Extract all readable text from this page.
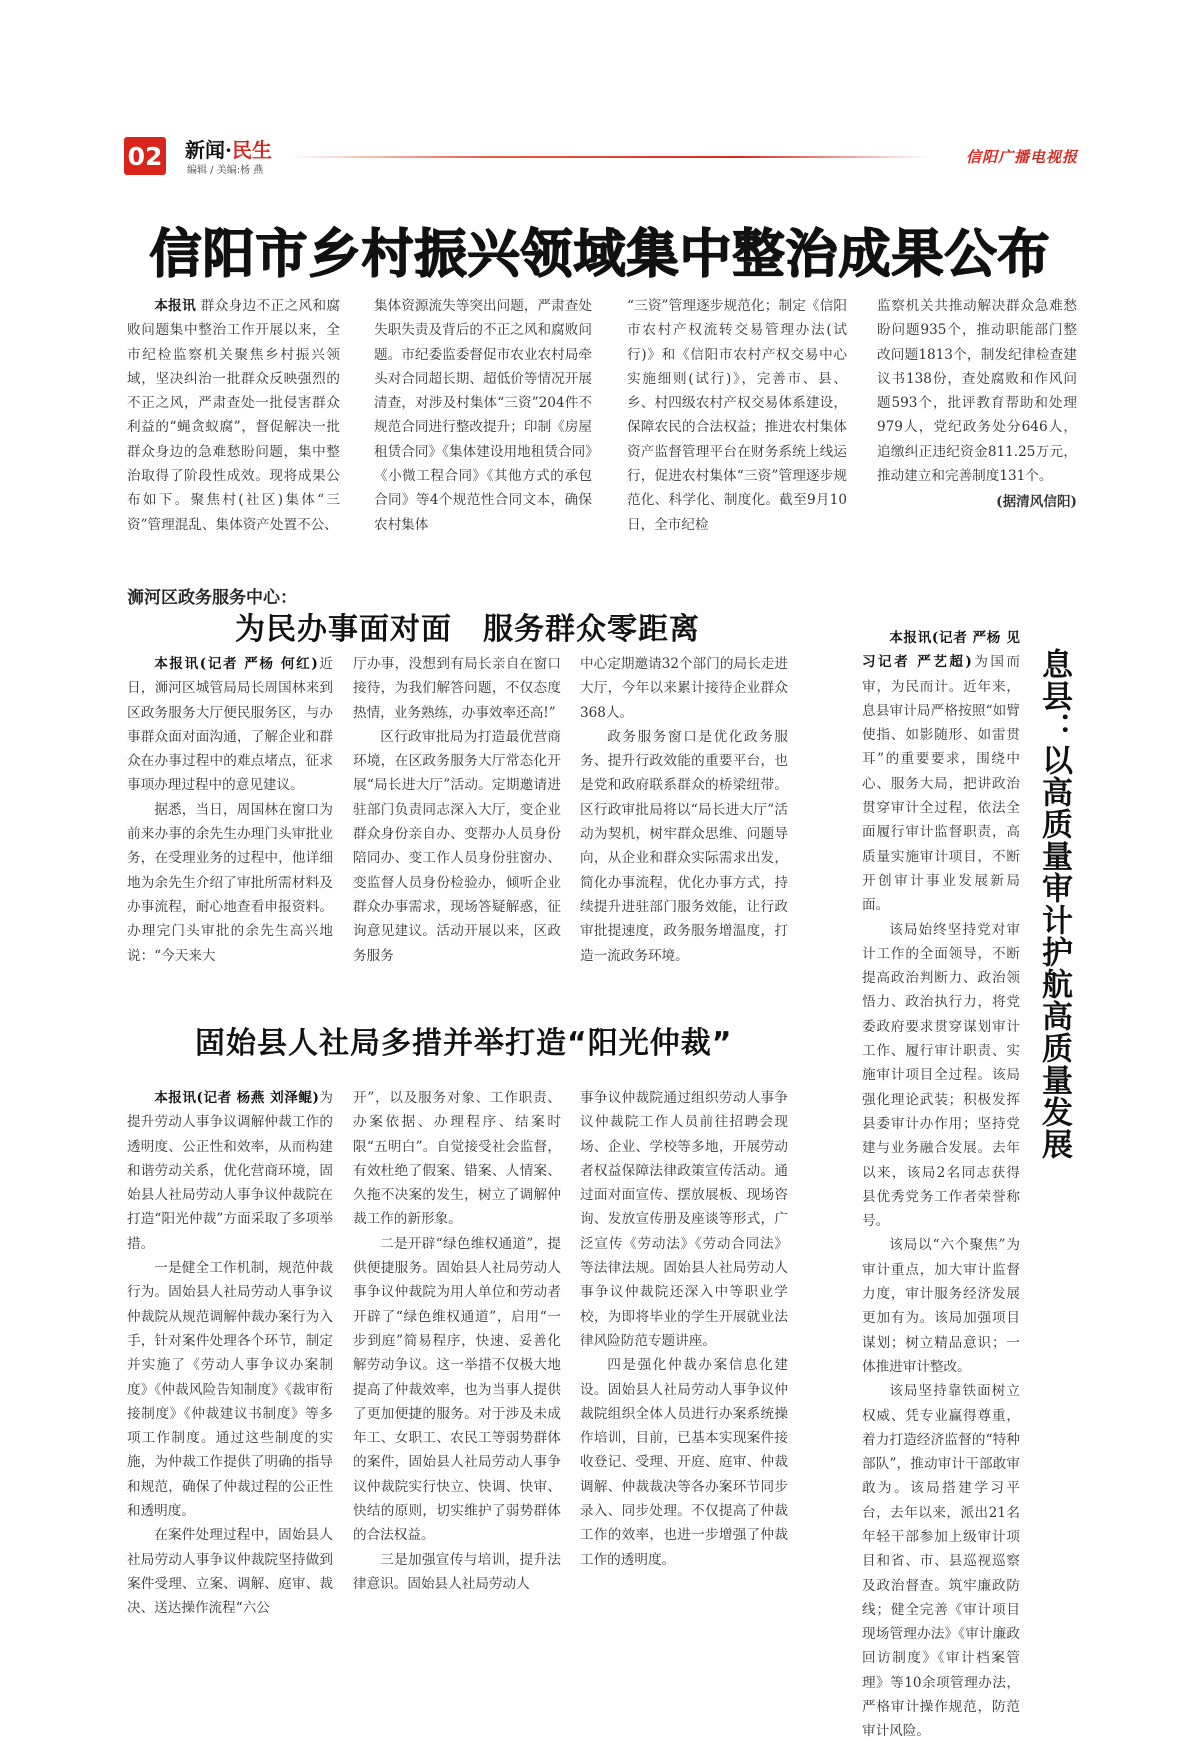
02 新闻·民生
编辑 / 美编:杨 燕
信阳广播电视报
信阳市乡村振兴领域集中整治成果公布

本报讯 群众身边不正之风和腐败问题集中整治工作开展以来，全市纪检监察机关聚焦乡村振兴领域，坚决纠治一批群众反映强烈的不正之风，严肃查处一批侵害群众利益的“蝇贪蚁腐”，督促解决一批群众身边的急难愁盼问题，集中整治取得了阶段性成效。现将成果公布如下。聚焦村(社区)集体“三资”管理混乱、集体资产处置不公、

集体资源流失等突出问题，严肃查处失职失责及背后的不正之风和腐败问题。市纪委监委督促市农业农村局牵头对合同超长期、超低价等情况开展清查，对涉及村集体“三资”204件不规范合同进行整改提升；印制《房屋租赁合同》《集体建设用地租赁合同》《小微工程合同》《其他方式的承包合同》等4个规范性合同文本，确保农村集体
“三资”管理逐步规范化；制定《信阳市农村产权流转交易管理办法(试行)》和《信阳市农村产权交易中心实施细则(试行)》，完善市、县、乡、村四级农村产权交易体系建设，保障农民的合法权益；推进农村集体资产监督管理平台在财务系统上线运行，促进农村集体“三资”管理逐步规范化、科学化、制度化。截至9月10日，全市纪检
监察机关共推动解决群众急难愁盼问题935个，推动职能部门整改问题1813个，制发纪律检查建议书138份，查处腐败和作风问题593个，批评教育帮助和处理979人，党纪政务处分646人，追缴纠正违纪资金811.25万元，推动建立和完善制度131个。
(据清风信阳)
浉河区政务服务中心：
为民办事面对面　服务群众零距离

本报讯(记者 严杨 何红)近日，浉河区城管局局长周国林来到区政务服务大厅便民服务区，与办事群众面对面沟通，了解企业和群众在办事过程中的难点堵点，征求事项办理过程中的意见建议。

据悉，当日，周国林在窗口为前来办事的余先生办理门头审批业务，在受理业务的过程中，他详细地为余先生介绍了审批所需材料及办事流程，耐心地查看申报资料。办理完门头审批的余先生高兴地说：“今天来大

厅办事，没想到有局长亲自在窗口接待，为我们解答问题，不仅态度热情，业务熟练，办事效率还高!”

区行政审批局为打造最优营商环境，在区政务服务大厅常态化开展“局长进大厅”活动。定期邀请进驻部门负责同志深入大厅，变企业群众身份亲自办、变帮办人员身份陪同办、变工作人员身份驻窗办、变监督人员身份检验办，倾听企业群众办事需求，现场答疑解惑，征询意见建议。活动开展以来，区政务服务

中心定期邀请32个部门的局长走进大厅，今年以来累计接待企业群众368人。

政务服务窗口是优化政务服务、提升行政效能的重要平台，也是党和政府联系群众的桥梁纽带。区行政审批局将以“局长进大厅”活动为契机，树牢群众思维、问题导向，从企业和群众实际需求出发，简化办事流程，优化办事方式，持续提升进驻部门服务效能，让行政审批提速度，政务服务增温度，打造一流政务环境。

固始县人社局多措并举打造“阳光仲裁”

本报讯(记者 杨燕 刘泽鲲)为提升劳动人事争议调解仲裁工作的透明度、公正性和效率，从而构建和谐劳动关系，优化营商环境，固始县人社局劳动人事争议仲裁院在打造“阳光仲裁”方面采取了多项举措。

一是健全工作机制，规范仲裁行为。固始县人社局劳动人事争议仲裁院从规范调解仲裁办案行为入手，针对案件处理各个环节，制定并实施了《劳动人事争议办案制度》《仲裁风险告知制度》《裁审衔接制度》《仲裁建议书制度》等多项工作制度。通过这些制度的实施，为仲裁工作提供了明确的指导和规范，确保了仲裁过程的公正性和透明度。

在案件处理过程中，固始县人社局劳动人事争议仲裁院坚持做到案件受理、立案、调解、庭审、裁决、送达操作流程“六公

开”，以及服务对象、工作职责、办案依据、办理程序、结案时限“五明白”。自觉接受社会监督，有效杜绝了假案、错案、人情案、久拖不决案的发生，树立了调解仲裁工作的新形象。

二是开辟“绿色维权通道”，提供便捷服务。固始县人社局劳动人事争议仲裁院为用人单位和劳动者开辟了“绿色维权通道”，启用“一步到庭”简易程序，快速、妥善化解劳动争议。这一举措不仅极大地提高了仲裁效率，也为当事人提供了更加便捷的服务。对于涉及未成年工、女职工、农民工等弱势群体的案件，固始县人社局劳动人事争议仲裁院实行快立、快调、快审、快结的原则，切实维护了弱势群体的合法权益。

三是加强宣传与培训，提升法律意识。固始县人社局劳动人

事争议仲裁院通过组织劳动人事争议仲裁院工作人员前往招聘会现场、企业、学校等多地，开展劳动者权益保障法律政策宣传活动。通过面对面宣传、摆放展板、现场咨询、发放宣传册及座谈等形式，广泛宣传《劳动法》《劳动合同法》等法律法规。固始县人社局劳动人事争议仲裁院还深入中等职业学校，为即将毕业的学生开展就业法律风险防范专题讲座。

四是强化仲裁办案信息化建设。固始县人社局劳动人事争议仲裁院组织全体人员进行办案系统操作培训，目前，已基本实现案件接收登记、受理、开庭、庭审、仲裁调解、仲裁裁决等各办案环节同步录入、同步处理。不仅提高了仲裁工作的效率，也进一步增强了仲裁工作的透明度。

息县：以高质量审计护航高质量发展

本报讯(记者 严杨 见习记者 严艺超)为国而审，为民而计。近年来，息县审计局严格按照“如臂使指、如影随形、如雷贯耳”的重要要求，围绕中心、服务大局，把讲政治贯穿审计全过程，依法全面履行审计监督职责，高质量实施审计项目，不断开创审计事业发展新局面。

该局始终坚持党对审计工作的全面领导，不断提高政治判断力、政治领悟力、政治执行力，将党委政府要求贯穿谋划审计工作、履行审计职责、实施审计项目全过程。该局强化理论武装；积极发挥县委审计办作用；坚持党建与业务融合发展。去年以来，该局2名同志获得县优秀党务工作者荣誉称号。

该局以“六个聚焦”为审计重点，加大审计监督力度，审计服务经济发展更加有为。该局加强项目谋划；树立精品意识；一体推进审计整改。

该局坚持靠铁面树立权威、凭专业赢得尊重，着力打造经济监督的“特种部队”，推动审计干部敢审敢为。该局搭建学习平台，去年以来，派出21名年轻干部参加上级审计项目和省、市、县巡视巡察及政治督查。筑牢廉政防线；健全完善《审计项目现场管理办法》《审计廉政回访制度》《审计档案管理》等10余项管理办法，严格审计操作规范，防范审计风险。
